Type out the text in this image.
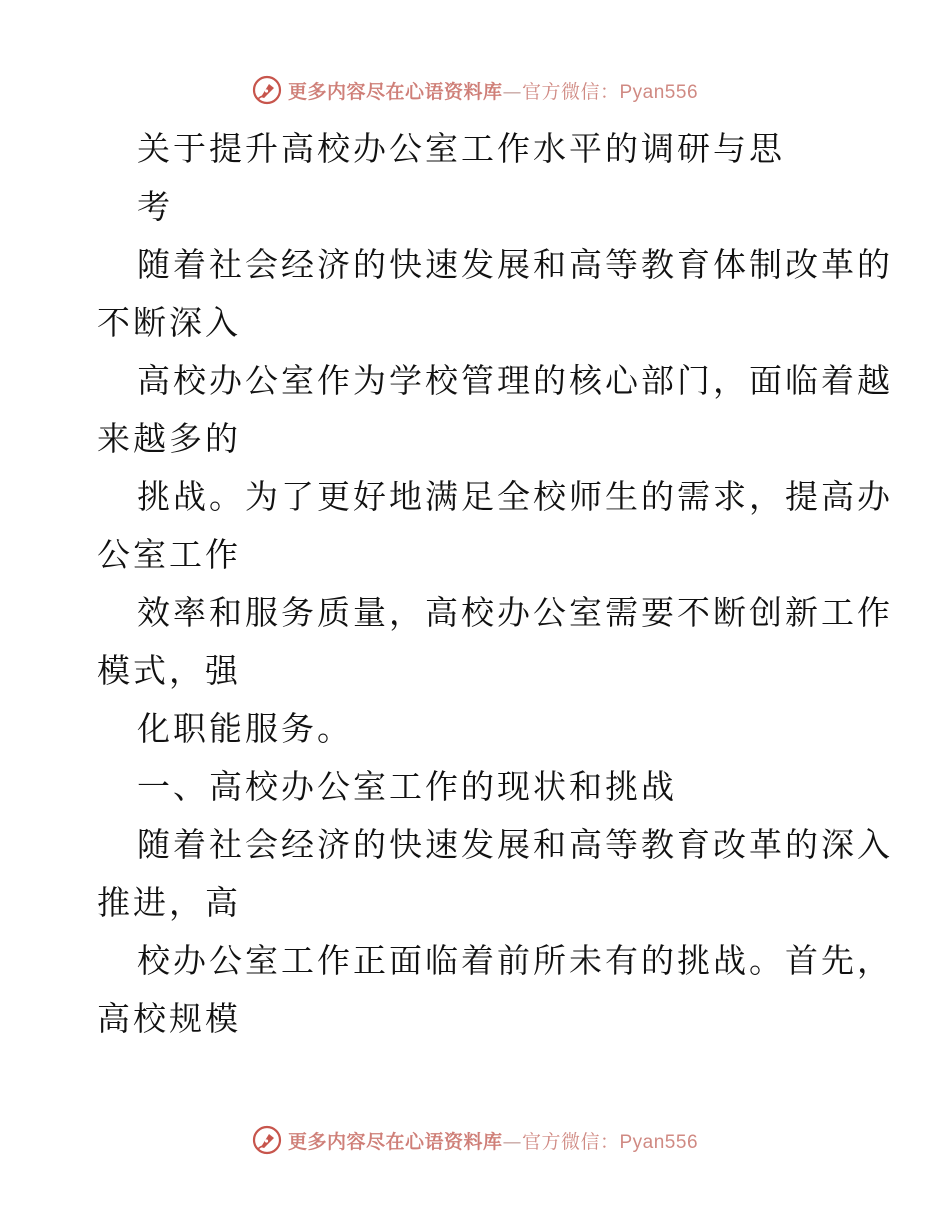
更多内容尽在心语资料库—官方微信：Pyan556
关于提升高校办公室工作水平的调研与思
考
随着社会经济的快速发展和高等教育体制改革的
不断深入
高校办公室作为学校管理的核心部门，面临着越
来越多的
挑战。为了更好地满足全校师生的需求，提高办
公室工作
效率和服务质量，高校办公室需要不断创新工作
模式，强
化职能服务。
一、高校办公室工作的现状和挑战
随着社会经济的快速发展和高等教育改革的深入
推进，高
校办公室工作正面临着前所未有的挑战。首先，
高校规模
更多内容尽在心语资料库—官方微信：Pyan556
